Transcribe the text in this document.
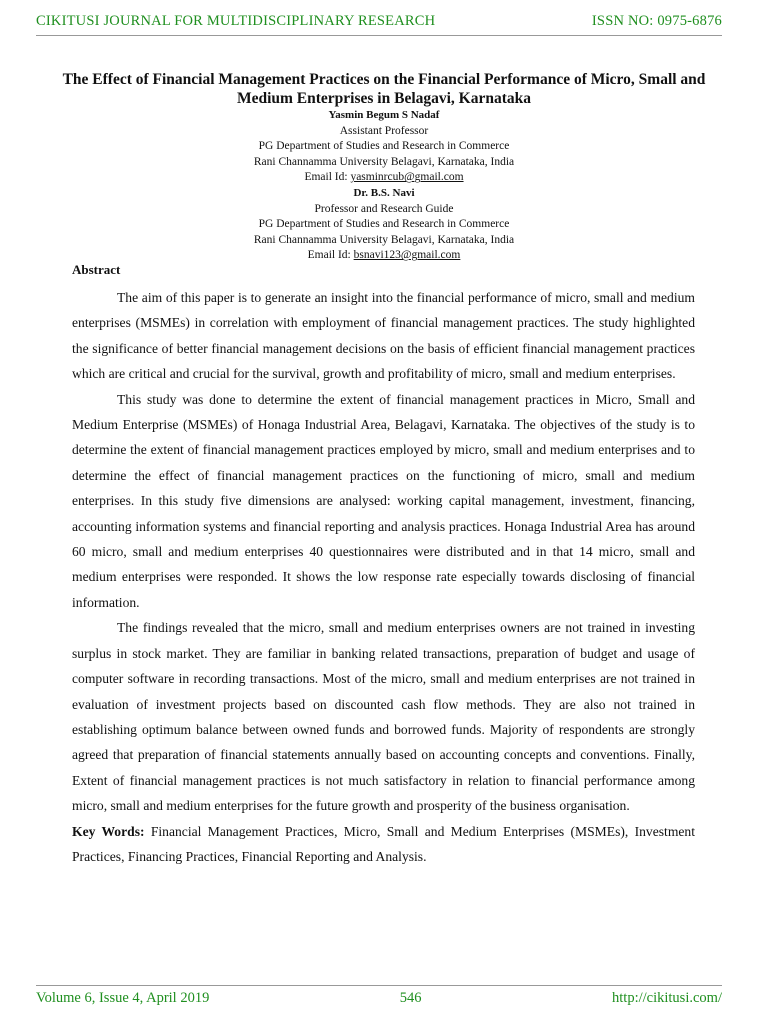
CIKITUSI JOURNAL FOR MULTIDISCIPLINARY RESEARCH	ISSN NO: 0975-6876
The Effect of Financial Management Practices on the Financial Performance of Micro, Small and Medium Enterprises in Belagavi, Karnataka
Yasmin Begum S Nadaf
Assistant Professor
PG Department of Studies and Research in Commerce
Rani Channamma University Belagavi, Karnataka, India
Email Id: yasminrcub@gmail.com
Dr. B.S. Navi
Professor and Research Guide
PG Department of Studies and Research in Commerce
Rani Channamma University Belagavi, Karnataka, India
Email Id: bsnavi123@gmail.com
Abstract

The aim of this paper is to generate an insight into the financial performance of micro, small and medium enterprises (MSMEs) in correlation with employment of financial management practices. The study highlighted the significance of better financial management decisions on the basis of efficient financial management practices which are critical and crucial for the survival, growth and profitability of micro, small and medium enterprises.

This study was done to determine the extent of financial management practices in Micro, Small and Medium Enterprise (MSMEs) of Honaga Industrial Area, Belagavi, Karnataka. The objectives of the study is to determine the extent of financial management practices employed by micro, small and medium enterprises and to determine the effect of financial management practices on the functioning of micro, small and medium enterprises. In this study five dimensions are analysed: working capital management, investment, financing, accounting information systems and financial reporting and analysis practices. Honaga Industrial Area has around 60 micro, small and medium enterprises 40 questionnaires were distributed and in that 14 micro, small and medium enterprises were responded. It shows the low response rate especially towards disclosing of financial information.

The findings revealed that the micro, small and medium enterprises owners are not trained in investing surplus in stock market. They are familiar in banking related transactions, preparation of budget and usage of computer software in recording transactions. Most of the micro, small and medium enterprises are not trained in evaluation of investment projects based on discounted cash flow methods. They are also not trained in establishing optimum balance between owned funds and borrowed funds. Majority of respondents are strongly agreed that preparation of financial statements annually based on accounting concepts and conventions. Finally, Extent of financial management practices is not much satisfactory in relation to financial performance among micro, small and medium enterprises for the future growth and prosperity of the business organisation.

Key Words: Financial Management Practices, Micro, Small and Medium Enterprises (MSMEs), Investment Practices, Financing Practices, Financial Reporting and Analysis.

Volume 6, Issue 4, April 2019	546	http://cikitusi.com/
